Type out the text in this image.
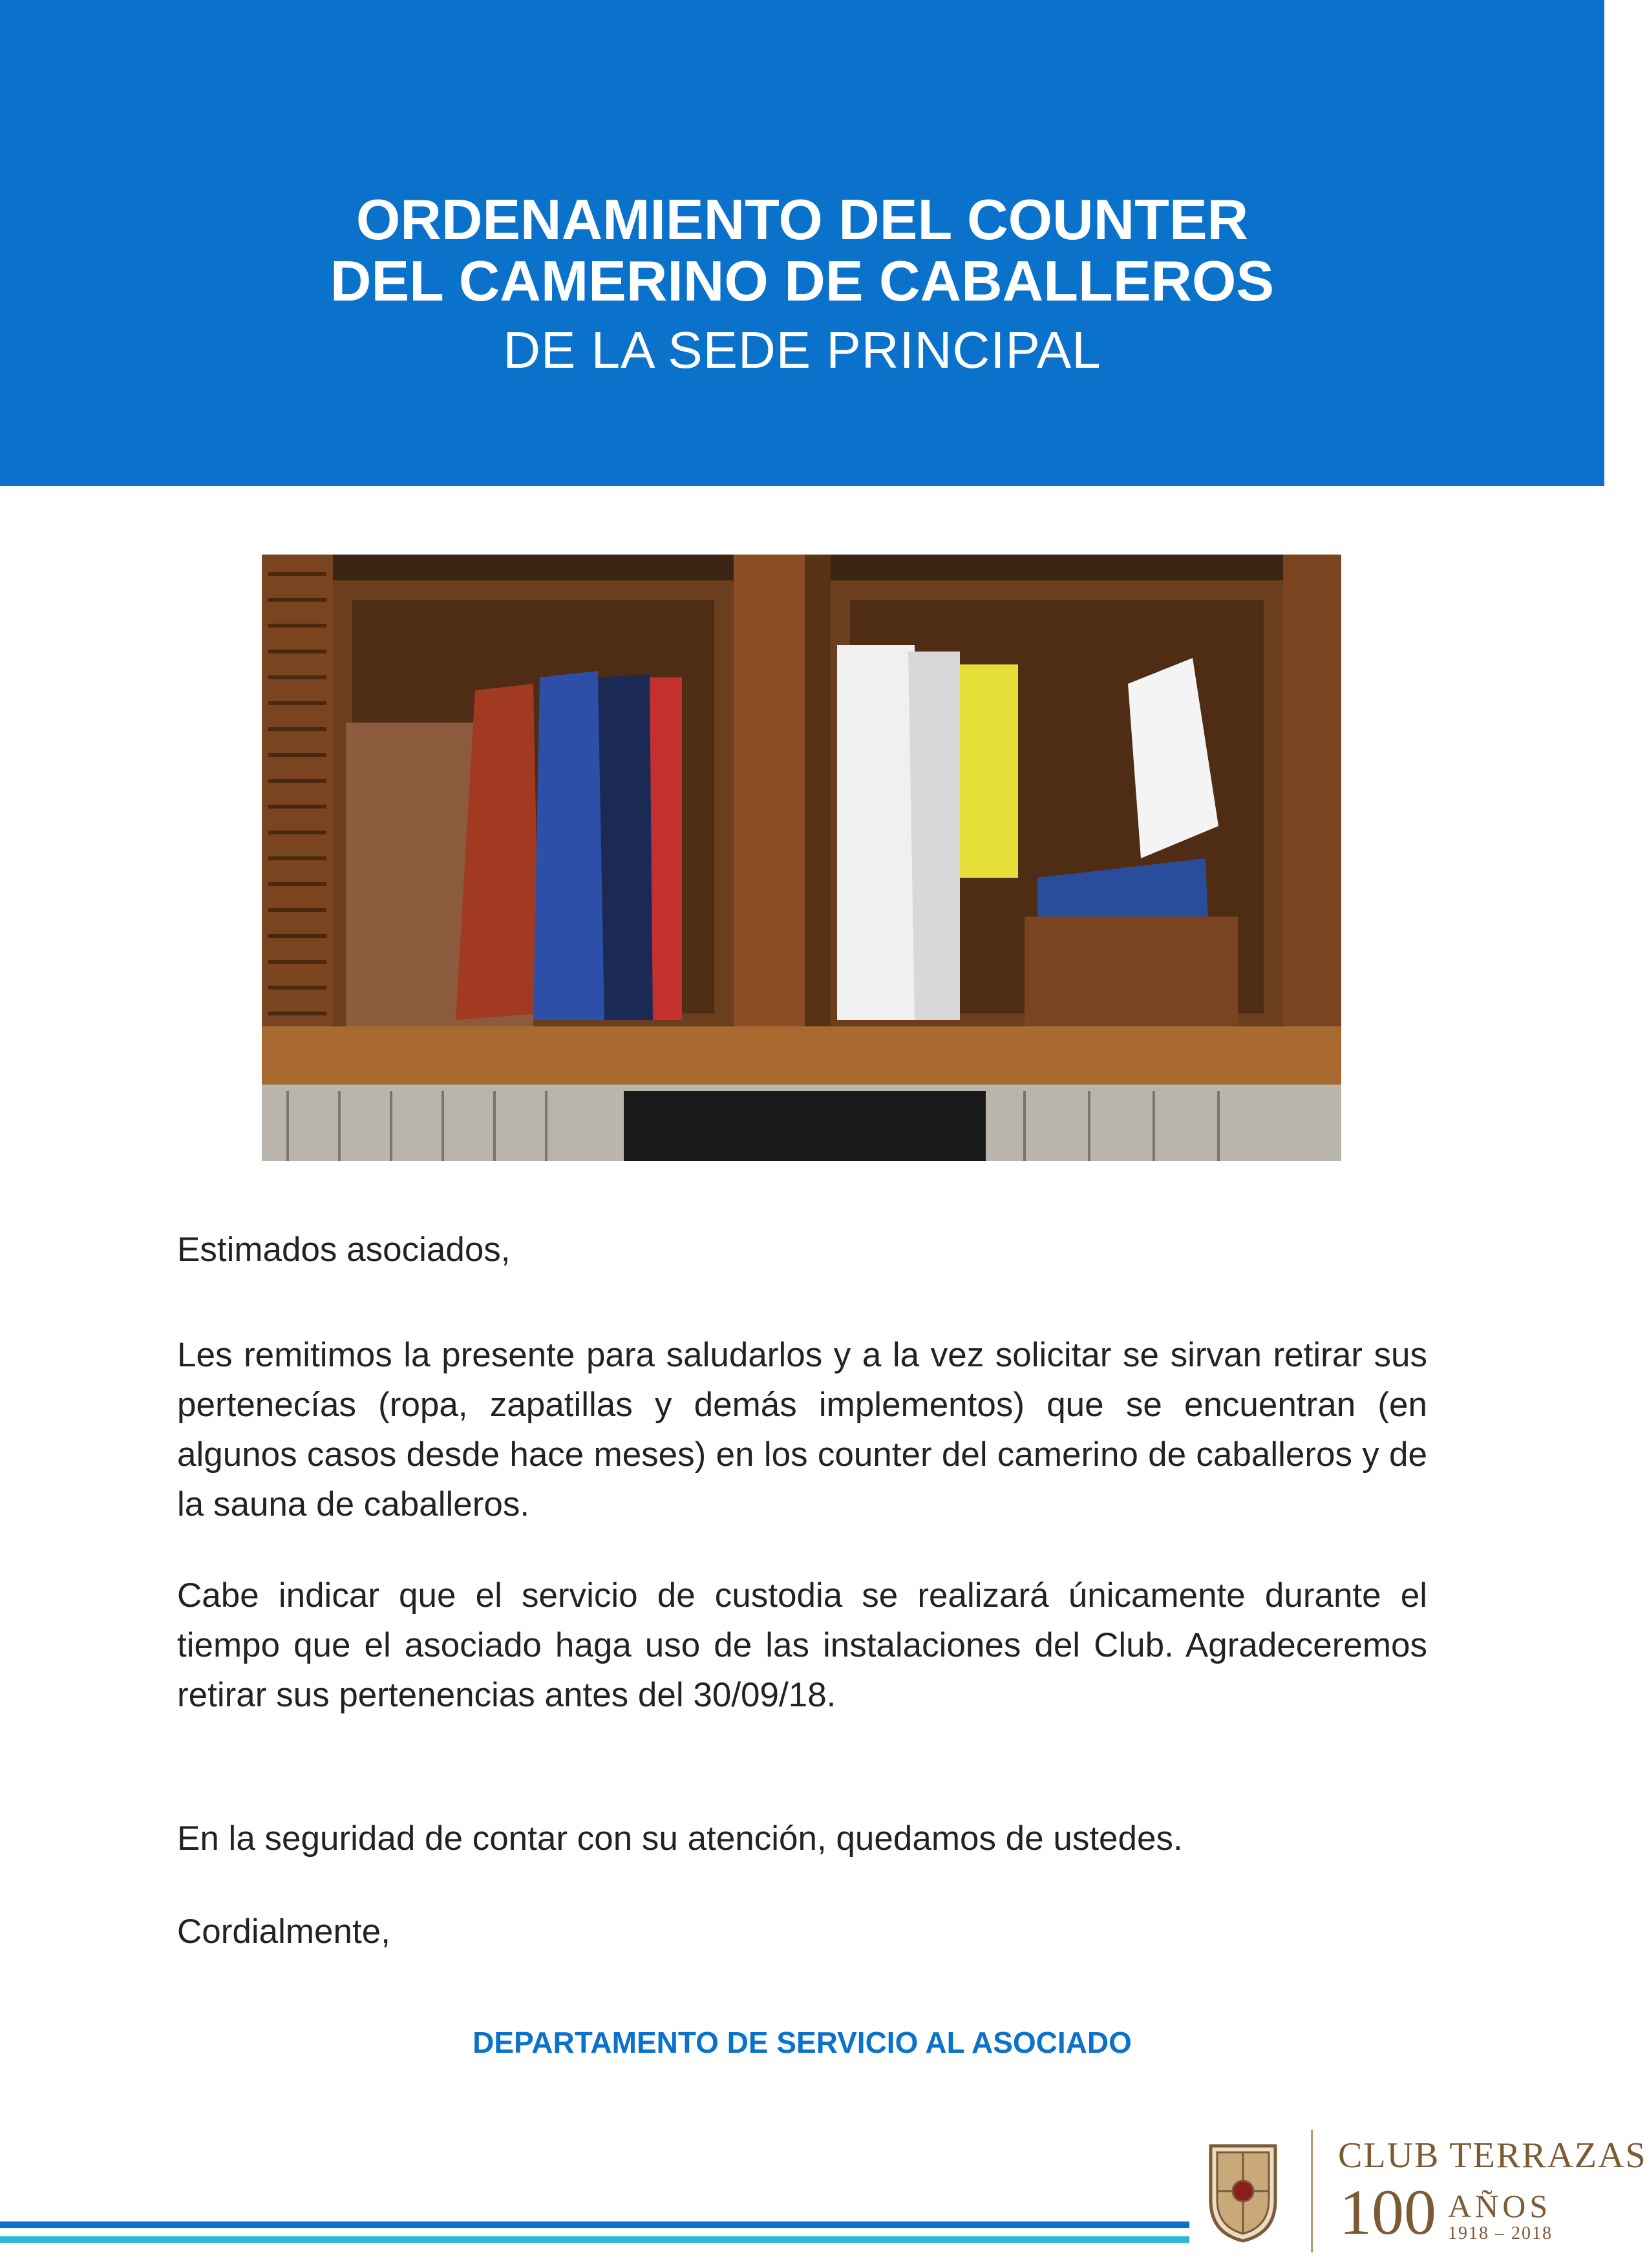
ORDENAMIENTO DEL COUNTER
DEL CAMERINO DE CABALLEROS
DE LA SEDE PRINCIPAL

Estimados asociados,

Les remitimos la presente para saludarlos y a la vez solicitar se sirvan retirar sus pertenecías (ropa, zapatillas y demás implementos) que se encuentran (en algunos casos desde hace meses) en los counter del camerino de caballeros y de la sauna de caballeros.

Cabe indicar que el servicio de custodia se realizará únicamente durante el tiempo que el asociado haga uso de las instalaciones del Club. Agradeceremos retirar sus pertenencias antes del 30/09/18.

En la seguridad de contar con su atención, quedamos de ustedes.

Cordialmente,

DEPARTAMENTO DE SERVICIO AL ASOCIADO
CLUB TERRAZAS
100 AÑOS
1918 – 2018
